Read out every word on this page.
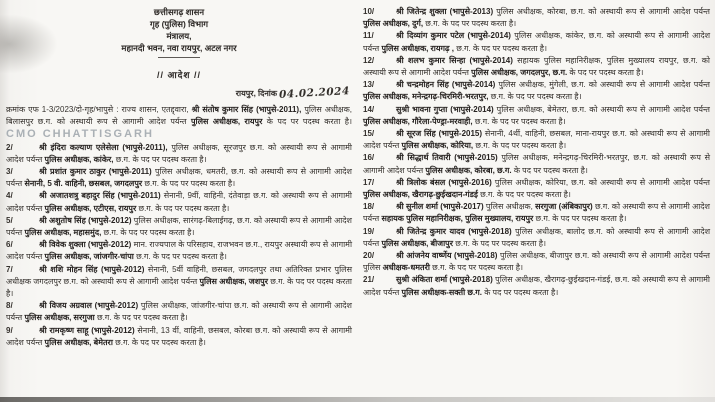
छत्तीसगढ़ शासन
गृह (पुलिस) विभाग
मंत्रालय,
महानदी भवन, नवा रायपुर, अटल नगर
// आदेश //
रायपुर, दिनांक 04.02.2024

क्रमांक एफ 1-3/2023/दो-गृह/भापुसे : राज्य शासन, एतद्द्वारा, श्री संतोष कुमार सिंह (भापुसे-2011), पुलिस अधीक्षक, बिलासपुर छ.ग. को अस्थायी रूप से आगामी आदेश पर्यन्त पुलिस अधीक्षक, रायपुर के पद पर पदस्थ करता है। CMO CHHATTISGARH

2/	श्री इंदिरा कल्याण एलेसेला (भापुसे-2011), पुलिस अधीक्षक, सूरजपुर छ.ग. को अस्थायी रूप से आगामी आदेश पर्यन्त पुलिस अधीक्षक, कांकेर, छ.ग. के पद पर पदस्थ करता है।

3/	श्री प्रशांत कुमार ठाकुर (भापुसे-2011) पुलिस अधीक्षक, धमतरी, छ.ग. को अस्थायी रूप से आगामी आदेश पर्यन्त सेनानी, 5 वी. वाहिनी, छसबल, जगदलपुर छ.ग. के पद पर पदस्थ करता है।

4/	श्री अजातशत्रु बहादुर सिंह (भापुसे-2011) सेनानी, 9वीं, वाहिनी, दंतेवाड़ा छ.ग. को अस्थायी रूप से आगामी आदेश पर्यन्त पुलिस अधीक्षक, एटीएस, रायपुर छ.ग. के पद पर पदस्थ करता है।

5/	श्री अशुतोष सिंह (भापुसे-2012) पुलिस अधीक्षक, सारंगढ़-बिलाईगढ़, छ.ग. को अस्थायी रूप से आगामी आदेश पर्यन्त पुलिस अधीक्षक, महासमुंद, छ.ग. के पद पर पदस्थ करता है।

6/	श्री विवेक शुक्ला (भापुसे-2012) मान. राज्यपाल के परिसहाय, राजभवन छ.ग., रायपुर अस्थायी रूप से आगामी आदेश पर्यन्त पुलिस अधीक्षक, जांजगीर-चांपा छ.ग. के पद पर पदस्थ करता है।

7/	श्री शशि मोहन सिंह (भापुसे-2012) सेनानी, 5वीं वाहिनी, छसबल, जगदलपुर तथा अतिरिक्त प्रभार पुलिस अधीक्षक जगदलपुर छ.ग. को अस्थायी रूप से आगामी आदेश पर्यन्त पुलिस अधीक्षक, जशपुर छ.ग. के पद पर पदस्थ करता है।

8/	श्री विजय अग्रवाल (भापुसे-2012) पुलिस अधीक्षक, जांजगीर-चांपा छ.ग. को अस्थायी रूप से आगामी आदेश पर्यन्त पुलिस अधीक्षक, सरगुजा छ.ग. के पद पर पदस्थ करता है।

9/	श्री रामकृष्ण साहू (भापुसे-2012) सेनानी, 13 वीं, वाहिनी, छसबल, कोरबा छ.ग. को अस्थायी रूप से आगामी आदेश पर्यन्त पुलिस अधीक्षक, बेमेतरा छ.ग. के पद पर पदस्थ करता है।

10/	श्री जितेन्द्र शुक्ला (भापुसे-2013) पुलिस अधीक्षक, कोरबा, छ.ग. को अस्थायी रूप से आगामी आदेश पर्यन्त पुलिस अधीक्षक, दुर्ग, छ.ग. के पद पर पदस्थ करता है।

11/	श्री दिव्यांग कुमार पटेल (भापुसे-2014) पुलिस अधीक्षक, कांकेर, छ.ग. को अस्थायी रूप से आगामी आदेश पर्यन्त पुलिस अधीक्षक, रायगढ़ , छ.ग. के पद पर पदस्थ करता है।

12/	श्री शलभ कुमार सिन्हा (भापुसे-2014) सहायक पुलिस महानिरीक्षक, पुलिस मुख्यालय रायपुर, छ.ग. को अस्थायी रूप से आगामी आदेश पर्यन्त पुलिस अधीक्षक, जगदलपुर, छ.ग. के पद पर पदस्थ करता है।

13/	श्री चन्द्रमोहन सिंह (भापुसे-2014) पुलिस अधीक्षक, मुंगेली, छ.ग. को अस्थायी रूप से आगामी आदेश पर्यन्त पुलिस अधीक्षक, मनेन्द्रगढ़-चिरमिरी-भरतपुर, छ.ग. के पद पर पदस्थ करता है।

14/	सुश्री भावना गुप्ता (भापुसे-2014) पुलिस अधीक्षक, बेमेतरा, छ.ग. को अस्थायी रूप से आगामी आदेश पर्यन्त पुलिस अधीक्षक, गौरेला-पेण्ड्रा-मरवाही, छ.ग. के पद पर पदस्थ करता है।

15/	श्री सूरज सिंह (भापुसे-2015) सेनानी, 4थीं, वाहिनी, छसबल, माना-रायपुर छ.ग. को अस्थायी रूप से आगामी आदेश पर्यन्त पुलिस अधीक्षक, कोरिया, छ.ग. के पद पर पदस्थ करता है।

16/	श्री सिद्धार्थ तिवारी (भापुसे-2015) पुलिस अधीक्षक, मनेन्द्रगढ़-चिरमिरी-भरतपुर, छ.ग. को अस्थायी रूप से आगामी आदेश पर्यन्त पुलिस अधीक्षक, कोरबा, छ.ग. के पद पर पदस्थ करता है।

17/	श्री त्रिलोक बंसल (भापुसे-2016) पुलिस अधीक्षक, कोरिया, छ.ग. को अस्थायी रूप से आगामी आदेश पर्यन्त पुलिस अधीक्षक, खैरागढ़-छुईखदान-गंडई छ.ग. के पद पर पदस्थ करता है।

18/	श्री सुनील शर्मा (भापुसे-2017) पुलिस अधीक्षक, सरगुजा (अंबिकापुर) छ.ग. को अस्थायी रूप से आगामी आदेश पर्यन्त सहायक पुलिस महानिरीक्षक, पुलिस मुख्यालय, रायपुर छ.ग. के पद पर पदस्थ करता है।

19/	श्री जितेन्द्र कुमार यादव (भापुसे-2018) पुलिस अधीक्षक, बालोद छ.ग. को अस्थायी रूप से आगामी आदेश पर्यन्त पुलिस अधीक्षक, बीजापुर छ.ग. के पद पर पदस्थ करता है।

20/	श्री आंजनेय वार्ष्णेय (भापुसे-2018) पुलिस अधीक्षक, बीजापुर छ.ग. को अस्थायी रूप से आगामी आदेश पर्यन्त पुलिस अधीक्षक-धमतरी छ.ग. के पद पर पदस्थ करता है।

21/	सुश्री अंकिता शर्मा (भापुसे-2018) पुलिस अधीक्षक, खैरागढ़-छुईखदान-गंडई, छ.ग. को अस्थायी रूप से आगामी आदेश पर्यन्त पुलिस अधीक्षक-सक्ती छ.ग. के पद पर पदस्थ करता है।
